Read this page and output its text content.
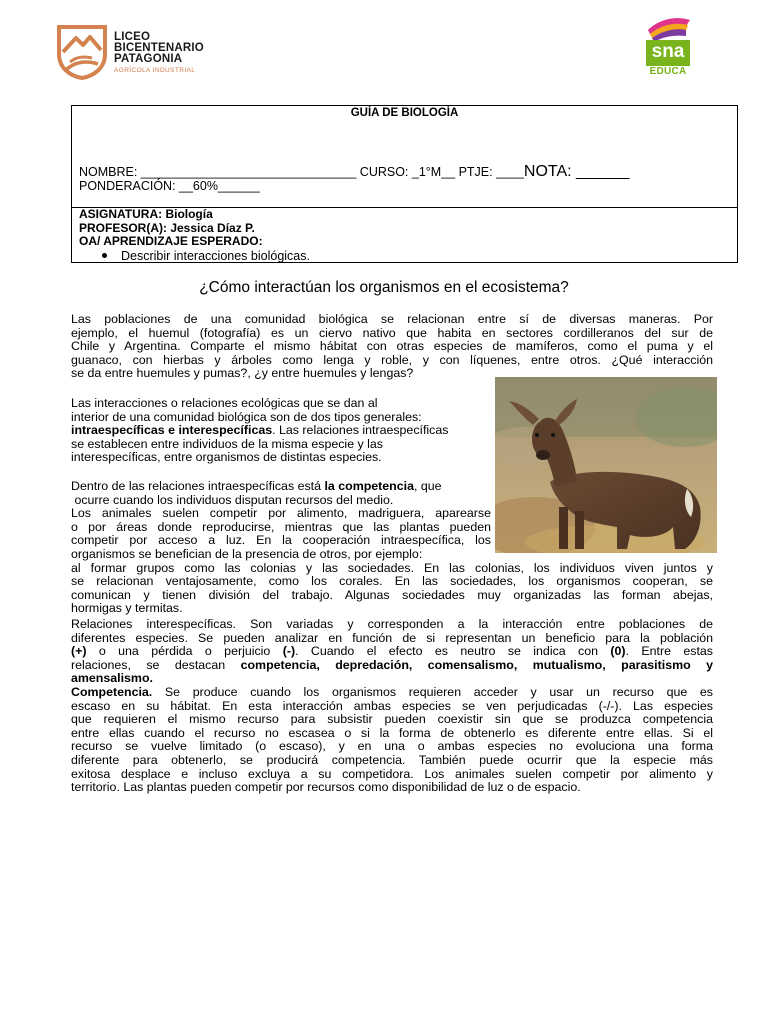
LICEO
BICENTENARIO
PATAGONIA
AGRÍCOLA INDUSTRIAL
sna
EDUCA
GUÍA DE BIOLOGÍA
NOMBRE: _______________________________ CURSO: _1°M__ PTJE: ____NOTA: ______
PONDERACIÓN: __60%______
ASIGNATURA: Biología
PROFESOR(A): Jessica Díaz P.
OA/ APRENDIZAJE ESPERADO:
Describir interacciones biológicas.
¿Cómo interactúan los organismos en el ecosistema?
Las poblaciones de una comunidad biológica se relacionan entre sí de diversas maneras. Por
ejemplo, el huemul (fotografía) es un ciervo nativo que habita en sectores cordilleranos del sur de
Chile y Argentina. Comparte el mismo hábitat con otras especies de mamíferos, como el puma y el
guanaco, con hierbas y árboles como lenga y roble, y con líquenes, entre otros. ¿Qué interacción
se da entre huemules y pumas?, ¿y entre huemules y lengas?
Las interacciones o relaciones ecológicas que se dan al
interior de una comunidad biológica son de dos tipos generales:
intraespecíficas e interespecíficas. Las relaciones intraespecíficas
se establecen entre individuos de la misma especie y las
interespecíficas, entre organismos de distintas especies.
Dentro de las relaciones intraespecíficas está la competencia, que
ocurre cuando los individuos disputan recursos del medio.
Los animales suelen competir por alimento, madriguera, aparearse
o por áreas donde reproducirse, mientras que las plantas pueden
competir por acceso a luz. En la cooperación intraespecífica, los
organismos se benefician de la presencia de otros, por ejemplo:
al formar grupos como las colonias y las sociedades. En las colonias, los individuos viven juntos y
se relacionan ventajosamente, como los corales. En las sociedades, los organismos cooperan, se
comunican y tienen división del trabajo. Algunas sociedades muy organizadas las forman abejas,
hormigas y termitas.
Relaciones interespecíficas. Son variadas y corresponden a la interacción entre poblaciones de
diferentes especies. Se pueden analizar en función de si representan un beneficio para la población
(+) o una pérdida o perjuicio (-). Cuando el efecto es neutro se indica con (0). Entre estas
relaciones, se destacan competencia, depredación, comensalismo, mutualismo, parasitismo y
amensalismo.
Competencia. Se produce cuando los organismos requieren acceder y usar un recurso que es
escaso en su hábitat. En esta interacción ambas especies se ven perjudicadas (-/-). Las especies
que requieren el mismo recurso para subsistir pueden coexistir sin que se produzca competencia
entre ellas cuando el recurso no escasea o si la forma de obtenerlo es diferente entre ellas. Si el
recurso se vuelve limitado (o escaso), y en una o ambas especies no evoluciona una forma
diferente para obtenerlo, se producirá competencia. También puede ocurrir que la especie más
exitosa desplace e incluso excluya a su competidora. Los animales suelen competir por alimento y
territorio. Las plantas pueden competir por recursos como disponibilidad de luz o de espacio.
